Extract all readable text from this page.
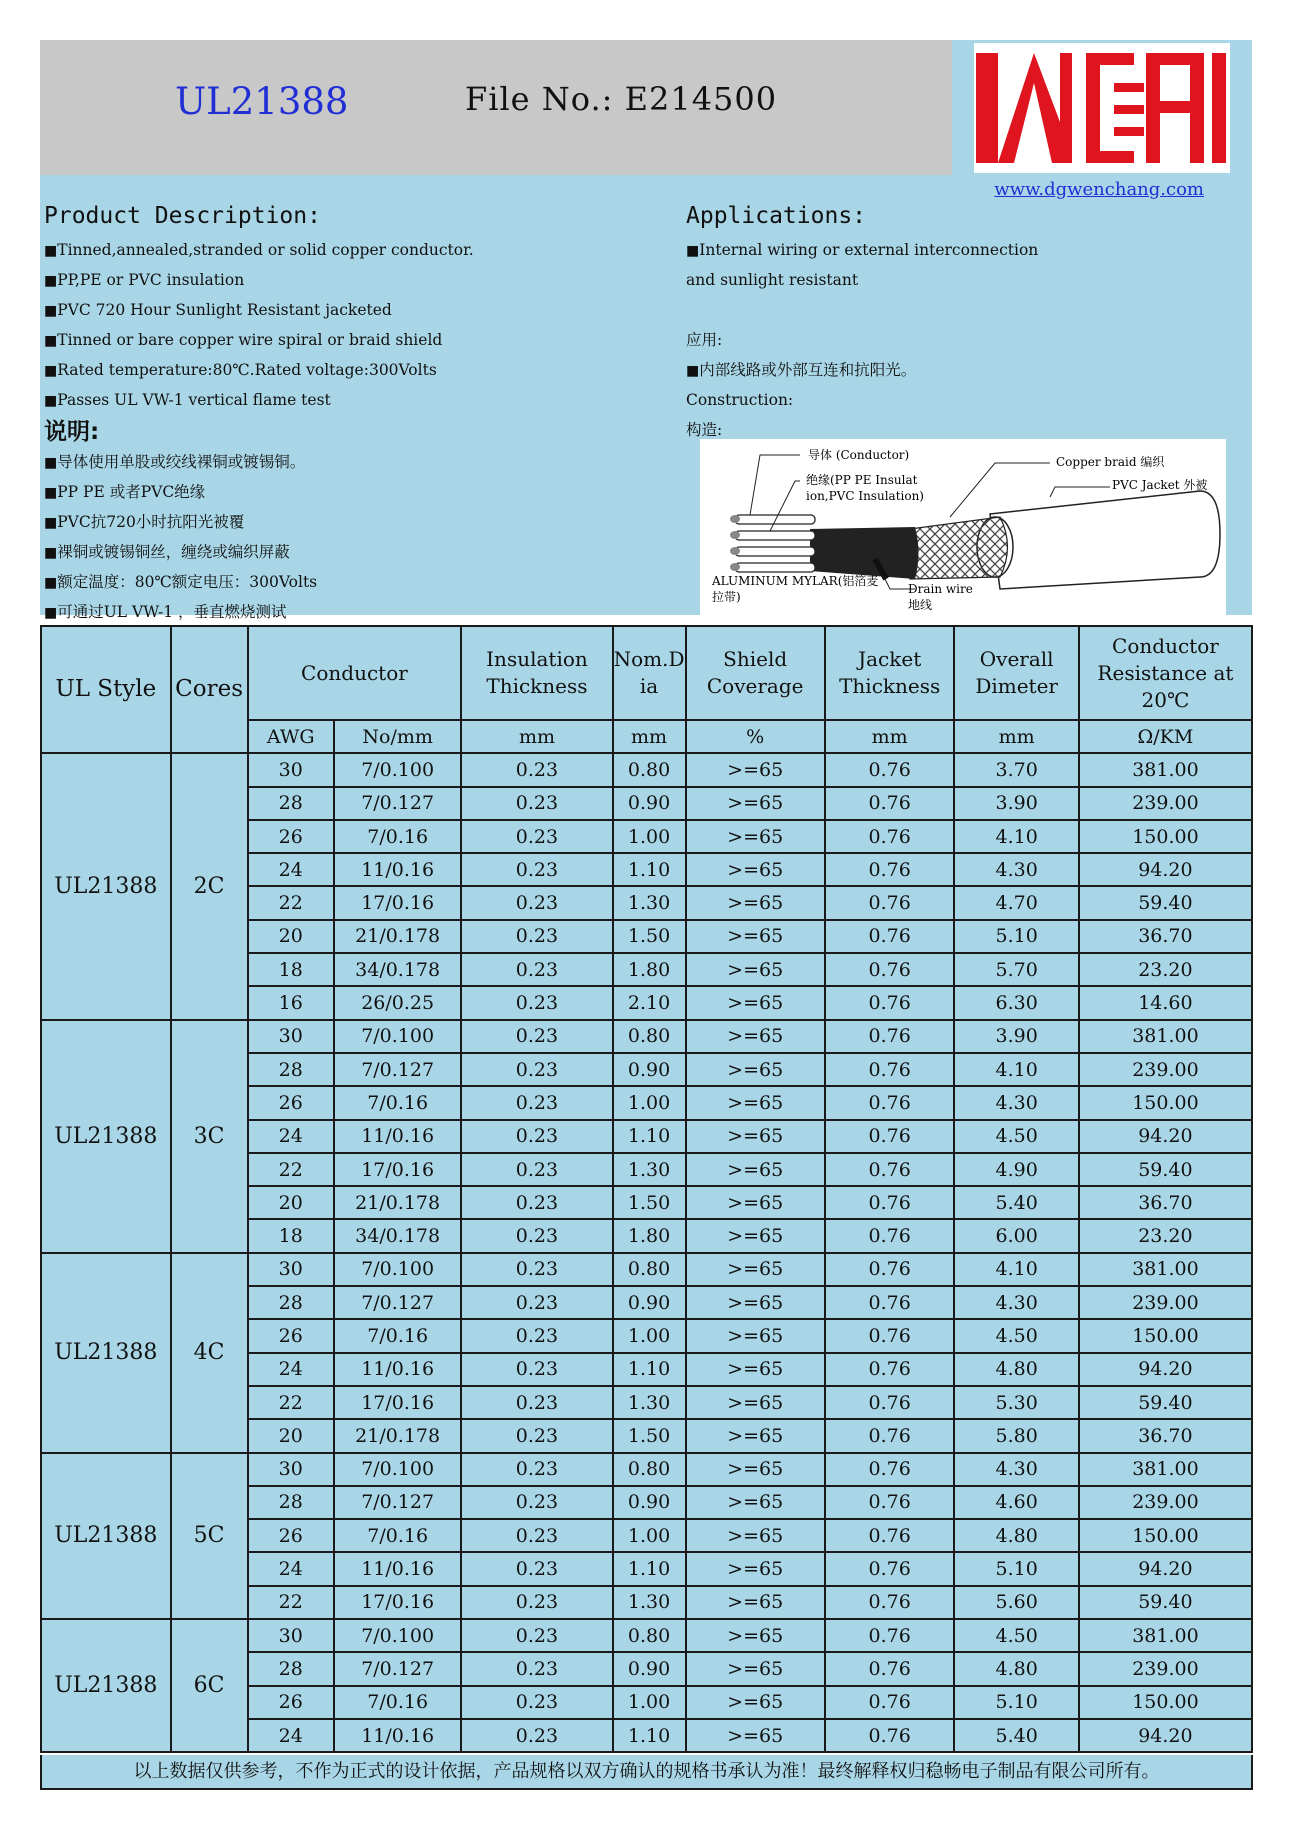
UL21388	File No.: E214500
www.dgwenchang.com
Product Description:
■Tinned,annealed,stranded or solid copper conductor.
■PP,PE or PVC insulation
■PVC 720 Hour Sunlight Resistant jacketed
■Tinned or bare copper wire spiral or braid shield
■Rated temperature:80℃.Rated voltage:300Volts
■Passes UL VW-1 vertical flame test
说明:
■导体使用单股或绞线裸铜或镀锡铜。
■PP PE 或者PVC绝缘
■PVC抗720小时抗阳光被覆
■裸铜或镀锡铜丝，缠绕或编织屏蔽
■额定温度：80℃额定电压：300Volts
■可通过UL VW-1 ，垂直燃烧测试
Applications:
■Internal wiring or external interconnection
and sunlight resistant
应用:
■内部线路或外部互连和抗阳光。
Construction:
构造:
导体 (Conductor)
绝缘(PP PE Insulat
ion,PVC Insulation)
Copper braid 编织
PVC Jacket 外被
ALUMINUM MYLAR(铝箔麦
拉带)
Drain wire
地线
UL Style	Cores	Conductor		Insulation Thickness	Nom.D ia	Shield Coverage	Jacket Thickness	Overall Dimeter	Conductor Resistance at 20℃
		AWG	No/mm	mm	mm	%	mm	mm	Ω/KM
UL21388	2C	30	7/0.100	0.23	0.80	>=65	0.76	3.70	381.00
		28	7/0.127	0.23	0.90	>=65	0.76	3.90	239.00
		26	7/0.16	0.23	1.00	>=65	0.76	4.10	150.00
		24	11/0.16	0.23	1.10	>=65	0.76	4.30	94.20
		22	17/0.16	0.23	1.30	>=65	0.76	4.70	59.40
		20	21/0.178	0.23	1.50	>=65	0.76	5.10	36.70
		18	34/0.178	0.23	1.80	>=65	0.76	5.70	23.20
		16	26/0.25	0.23	2.10	>=65	0.76	6.30	14.60
UL21388	3C	30	7/0.100	0.23	0.80	>=65	0.76	3.90	381.00
		28	7/0.127	0.23	0.90	>=65	0.76	4.10	239.00
		26	7/0.16	0.23	1.00	>=65	0.76	4.30	150.00
		24	11/0.16	0.23	1.10	>=65	0.76	4.50	94.20
		22	17/0.16	0.23	1.30	>=65	0.76	4.90	59.40
		20	21/0.178	0.23	1.50	>=65	0.76	5.40	36.70
		18	34/0.178	0.23	1.80	>=65	0.76	6.00	23.20
UL21388	4C	30	7/0.100	0.23	0.80	>=65	0.76	4.10	381.00
		28	7/0.127	0.23	0.90	>=65	0.76	4.30	239.00
		26	7/0.16	0.23	1.00	>=65	0.76	4.50	150.00
		24	11/0.16	0.23	1.10	>=65	0.76	4.80	94.20
		22	17/0.16	0.23	1.30	>=65	0.76	5.30	59.40
		20	21/0.178	0.23	1.50	>=65	0.76	5.80	36.70
UL21388	5C	30	7/0.100	0.23	0.80	>=65	0.76	4.30	381.00
		28	7/0.127	0.23	0.90	>=65	0.76	4.60	239.00
		26	7/0.16	0.23	1.00	>=65	0.76	4.80	150.00
		24	11/0.16	0.23	1.10	>=65	0.76	5.10	94.20
		22	17/0.16	0.23	1.30	>=65	0.76	5.60	59.40
UL21388	6C	30	7/0.100	0.23	0.80	>=65	0.76	4.50	381.00
		28	7/0.127	0.23	0.90	>=65	0.76	4.80	239.00
		26	7/0.16	0.23	1.00	>=65	0.76	5.10	150.00
		24	11/0.16	0.23	1.10	>=65	0.76	5.40	94.20
以上数据仅供参考，不作为正式的设计依据，产品规格以双方确认的规格书承认为准！最终解释权归稳畅电子制品有限公司所有。
